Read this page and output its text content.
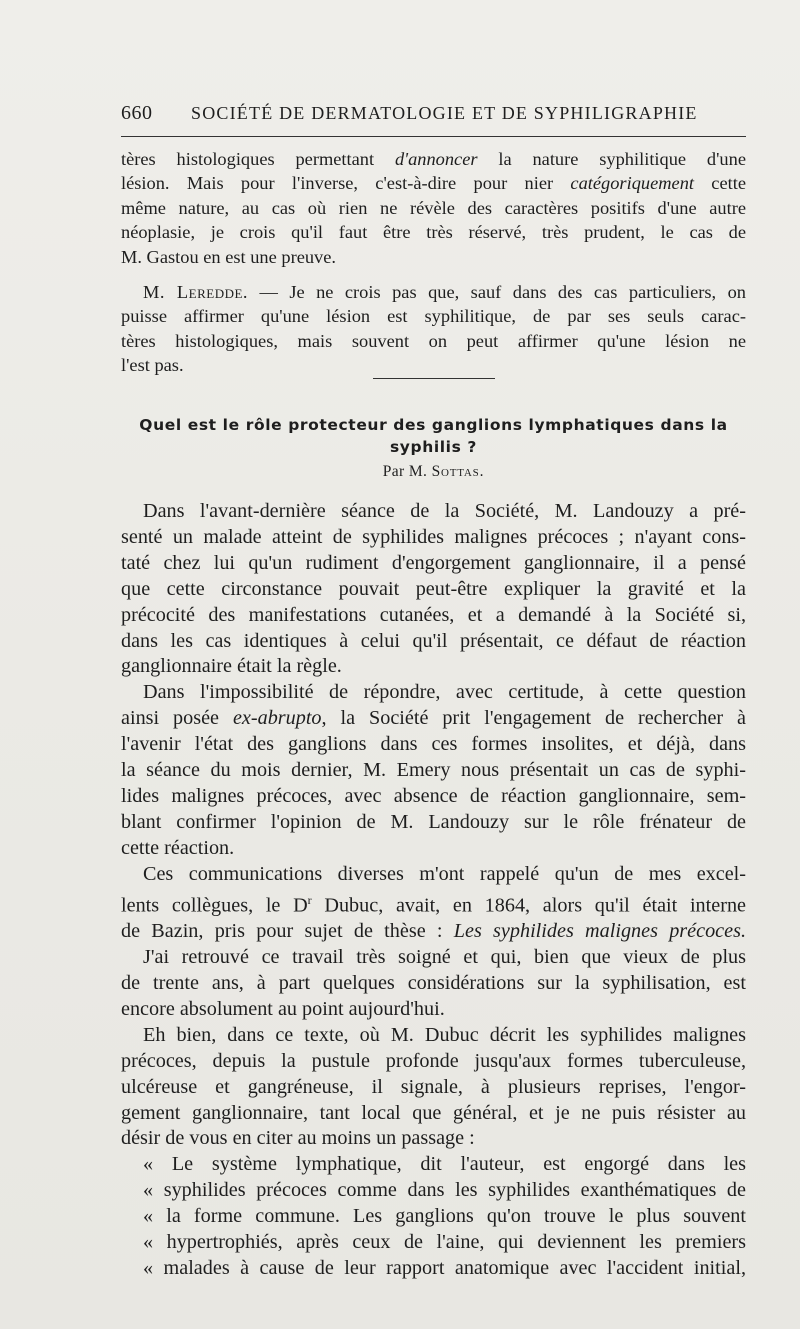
660 SOCIÉTÉ DE DERMATOLOGIE ET DE SYPHILIGRAPHIE

tères histologiques permettant d'annoncer la nature syphilitique d'une
lésion. Mais pour l'inverse, c'est-à-dire pour nier catégoriquement cette
même nature, au cas où rien ne révèle des caractères positifs d'une autre
néoplasie, je crois qu'il faut être très réservé, très prudent, le cas de
M. Gastou en est une preuve.

M. Leredde. — Je ne crois pas que, sauf dans des cas particuliers, on
puisse affirmer qu'une lésion est syphilitique, de par ses seuls carac-
tères histologiques, mais souvent on peut affirmer qu'une lésion ne
l'est pas.

Quel est le rôle protecteur des ganglions lymphatiques dans la
syphilis ?
Par M. Sottas.

Dans l'avant-dernière séance de la Société, M. Landouzy a pré-
senté un malade atteint de syphilides malignes précoces ; n'ayant cons-
taté chez lui qu'un rudiment d'engorgement ganglionnaire, il a pensé
que cette circonstance pouvait peut-être expliquer la gravité et la
précocité des manifestations cutanées, et a demandé à la Société si,
dans les cas identiques à celui qu'il présentait, ce défaut de réaction
ganglionnaire était la règle.

Dans l'impossibilité de répondre, avec certitude, à cette question
ainsi posée ex-abrupto, la Société prit l'engagement de rechercher à
l'avenir l'état des ganglions dans ces formes insolites, et déjà, dans
la séance du mois dernier, M. Emery nous présentait un cas de syphi-
lides malignes précoces, avec absence de réaction ganglionnaire, sem-
blant confirmer l'opinion de M. Landouzy sur le rôle frénateur de
cette réaction.

Ces communications diverses m'ont rappelé qu'un de mes excel-
lents collègues, le $D^r$ Dubuc, avait, en 1864, alors qu'il était interne
de Bazin, pris pour sujet de thèse : Les syphilides malignes précoces.

J'ai retrouvé ce travail très soigné et qui, bien que vieux de plus
de trente ans, à part quelques considérations sur la syphilisation, est
encore absolument au point aujourd'hui.

Eh bien, dans ce texte, où M. Dubuc décrit les syphilides malignes
précoces, depuis la pustule profonde jusqu'aux formes tuberculeuse,
ulcéreuse et gangréneuse, il signale, à plusieurs reprises, l'engor-
gement ganglionnaire, tant local que général, et je ne puis résister au
désir de vous en citer au moins un passage :

« Le système lymphatique, dit l'auteur, est engorgé dans les
« syphilides précoces comme dans les syphilides exanthématiques de
« la forme commune. Les ganglions qu'on trouve le plus souvent
« hypertrophiés, après ceux de l'aine, qui deviennent les premiers
« malades à cause de leur rapport anatomique avec l'accident initial,
